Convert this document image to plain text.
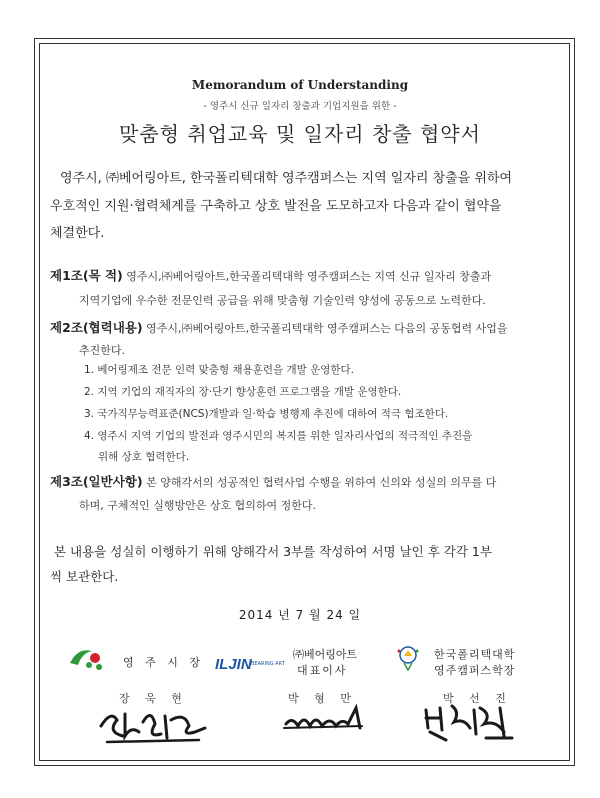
Memorandum of Understanding
- 영주시 신규 일자리 창출과 기업지원을 위한 -
맞춤형 취업교육 및 일자리 창출 협약서
영주시, ㈜베어링아트, 한국폴리텍대학 영주캠퍼스는 지역 일자리 창출을 위하여
우호적인 지원·협력체계를 구축하고 상호 발전을 도모하고자 다음과 같이 협약을
체결한다.
제1조(목 적) 영주시,㈜베어링아트,한국폴리텍대학 영주캠퍼스는 지역 신규 일자리 창출과
지역기업에 우수한 전문인력 공급을 위해 맞춤형 기술인력 양성에 공동으로 노력한다.
제2조(협력내용) 영주시,㈜베어링아트,한국폴리텍대학 영주캠퍼스는 다음의 공동협력 사업을
추진한다.
1. 베어링제조 전문 인력 맞춤형 채용훈련을 개발 운영한다.
2. 지역 기업의 재직자의 장·단기 향상훈련 프로그램을 개발 운영한다.
3. 국가직무능력표준(NCS)개발과 일·학습 병행제 추진에 대하여 적극 협조한다.
4. 영주시 지역 기업의 발전과 영주시민의 복지를 위한 일자리사업의 적극적인 추진을
위해 상호 협력한다.
제3조(일반사항) 본 양해각서의 성공적인 협력사업 수행을 위하여 신의와 성실의 의무를 다
하며, 구체적인 실행방안은 상호 협의하여 정한다.
본 내용을 성실히 이행하기 위해 양해각서 3부를 작성하여 서명 날인 후 각각 1부
씩 보관한다.
2014 년 7 월 24 일
영 주 시 장 ILJIN BEARING ART
㈜베어링아트
대표이사
한국폴리텍대학
영주캠퍼스학장
장 욱 현	박 형 만	박 선 진
